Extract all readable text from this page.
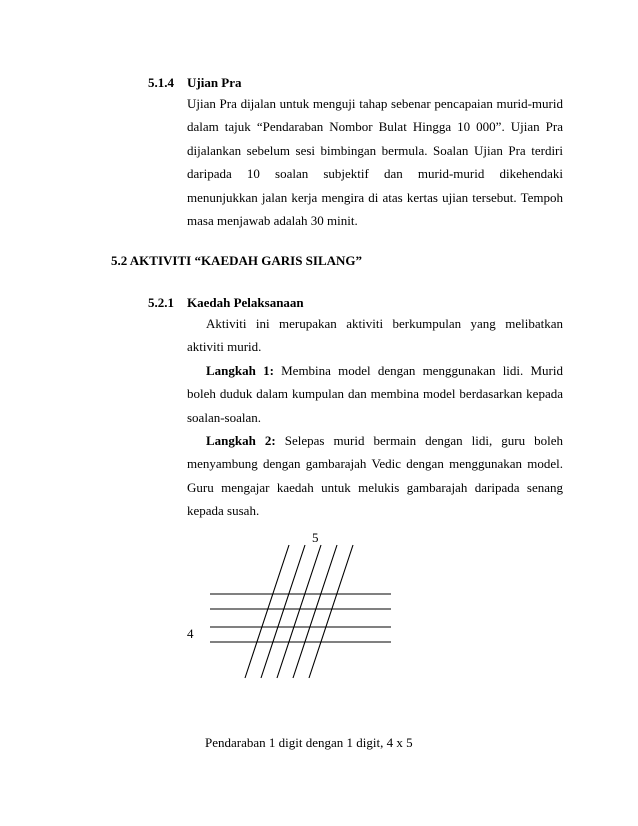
5.1.4 Ujian Pra

Ujian Pra dijalan untuk menguji tahap sebenar pencapaian murid-murid dalam tajuk “Pendaraban Nombor Bulat Hingga 10 000”. Ujian Pra dijalankan sebelum sesi bimbingan bermula. Soalan Ujian Pra terdiri daripada 10 soalan subjektif dan murid-murid dikehendaki menunjukkan jalan kerja mengira di atas kertas ujian tersebut. Tempoh masa menjawab adalah 30 minit.

5.2 AKTIVITI “KAEDAH GARIS SILANG”
5.2.1 Kaedah Pelaksanaan

Aktiviti ini merupakan aktiviti berkumpulan yang melibatkan aktiviti murid.

Langkah 1: Membina model dengan menggunakan lidi. Murid boleh duduk dalam kumpulan dan membina model berdasarkan kepada soalan-soalan.

Langkah 2: Selepas murid bermain dengan lidi, guru boleh menyambung dengan gambarajah Vedic dengan menggunakan model. Guru mengajar kaedah untuk melukis gambarajah daripada senang kepada susah.

5
4
Pendaraban 1 digit dengan 1 digit, 4 x 5
